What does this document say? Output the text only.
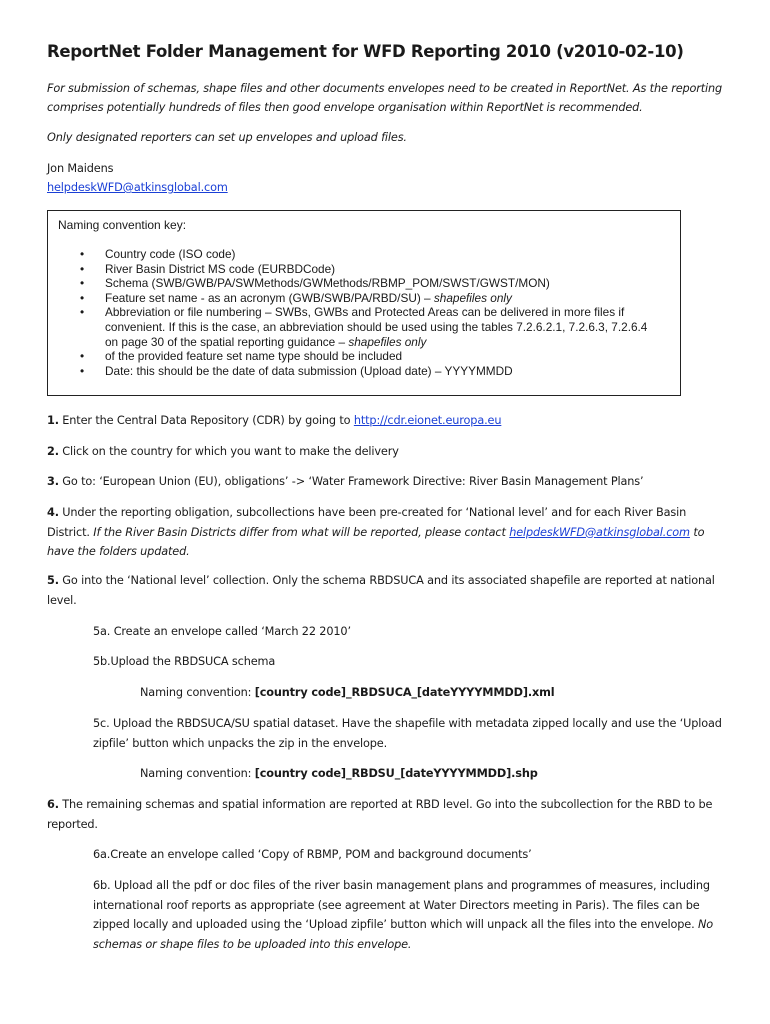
ReportNet Folder Management for WFD Reporting 2010 (v2010-02-10)
For submission of schemas, shape files and other documents envelopes need to be created in ReportNet. As the reporting comprises potentially hundreds of files then good envelope organisation within ReportNet is recommended.
Only designated reporters can set up envelopes and upload files.
Jon Maidens
helpdeskWFD@atkinsglobal.com
Naming convention key:
• Country code (ISO code)
• River Basin District MS code (EURBDCode)
• Schema (SWB/GWB/PA/SWMethods/GWMethods/RBMP_POM/SWST/GWST/MON)
• Feature set name - as an acronym (GWB/SWB/PA/RBD/SU) – shapefiles only
• Abbreviation or file numbering – SWBs, GWBs and Protected Areas can be delivered in more files if convenient. If this is the case, an abbreviation should be used using the tables 7.2.6.2.1, 7.2.6.3, 7.2.6.4 on page 30 of the spatial reporting guidance – shapefiles only
• of the provided feature set name type should be included
• Date: this should be the date of data submission (Upload date) – YYYYMMDD
1. Enter the Central Data Repository (CDR) by going to http://cdr.eionet.europa.eu
2. Click on the country for which you want to make the delivery
3. Go to: ‘European Union (EU), obligations’ -> ‘Water Framework Directive: River Basin Management Plans’
4. Under the reporting obligation, subcollections have been pre-created for ‘National level’ and for each River Basin District. If the River Basin Districts differ from what will be reported, please contact helpdeskWFD@atkinsglobal.com to have the folders updated.
5. Go into the ‘National level’ collection. Only the schema RBDSUCA and its associated shapefile are reported at national level.
5a. Create an envelope called ‘March 22 2010’
5b.Upload the RBDSUCA schema
Naming convention: [country code]_RBDSUCA_[dateYYYYMMDD].xml
5c. Upload the RBDSUCA/SU spatial dataset. Have the shapefile with metadata zipped locally and use the ‘Upload zipfile’ button which unpacks the zip in the envelope.
Naming convention: [country code]_RBDSU_[dateYYYYMMDD].shp
6. The remaining schemas and spatial information are reported at RBD level. Go into the subcollection for the RBD to be reported.
6a.Create an envelope called ‘Copy of RBMP, POM and background documents’
6b. Upload all the pdf or doc files of the river basin management plans and programmes of measures, including international roof reports as appropriate (see agreement at Water Directors meeting in Paris). The files can be zipped locally and uploaded using the ‘Upload zipfile’ button which will unpack all the files into the envelope. No schemas or shape files to be uploaded into this envelope.
